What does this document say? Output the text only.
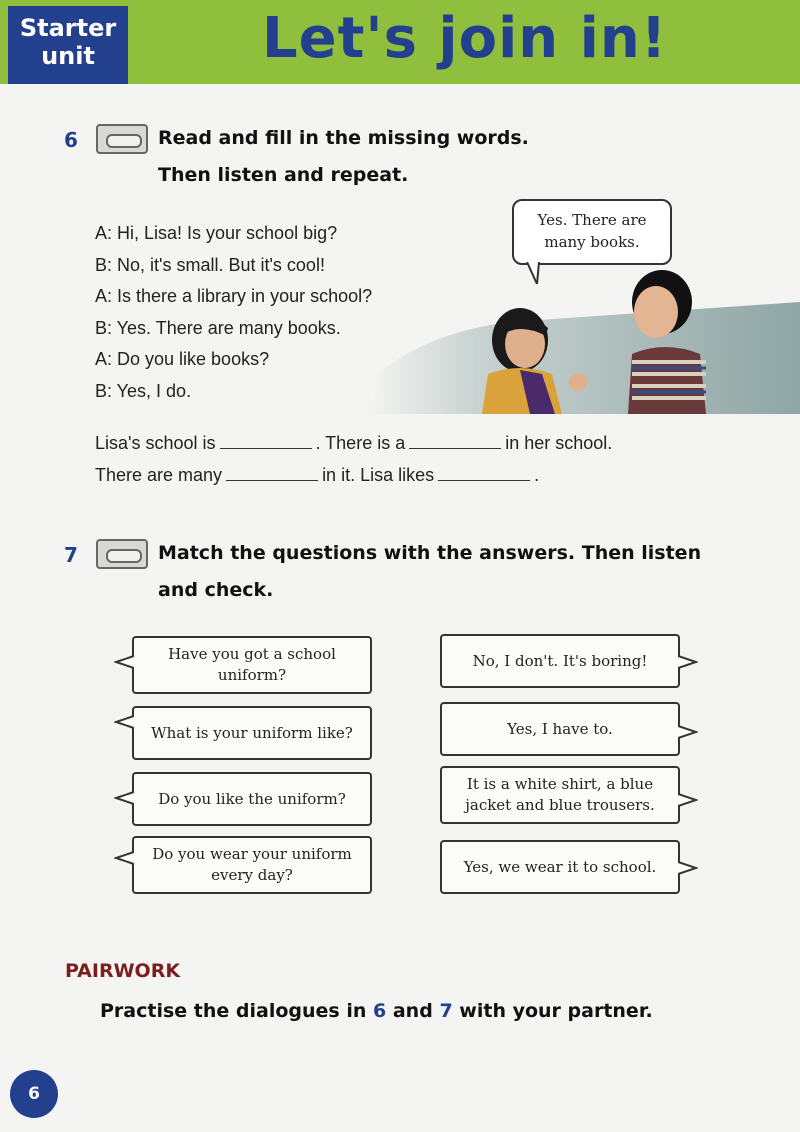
Starter
unit	Let's join in!
6	Read and fill in the missing words.
Then listen and repeat.
A: Hi, Lisa! Is your school big?
B: No, it's small. But it's cool!
A: Is there a library in your school?
B: Yes. There are many books.
A: Do you like books?
B: Yes, I do.
Yes. There are
many books.
Lisa's school is	. There is a	in her school.
There are many	in it. Lisa likes	.
7	Match the questions with the answers. Then listen
and check.
Have you got a school uniform?
What is your uniform like?
Do you like the uniform?
Do you wear your uniform every day?
No, I don't. It's boring!
Yes, I have to.
It is a white shirt, a blue jacket and blue trousers.
Yes, we wear it to school.
PAIRWORK
Practise the dialogues in 6 and 7 with your partner.
6
